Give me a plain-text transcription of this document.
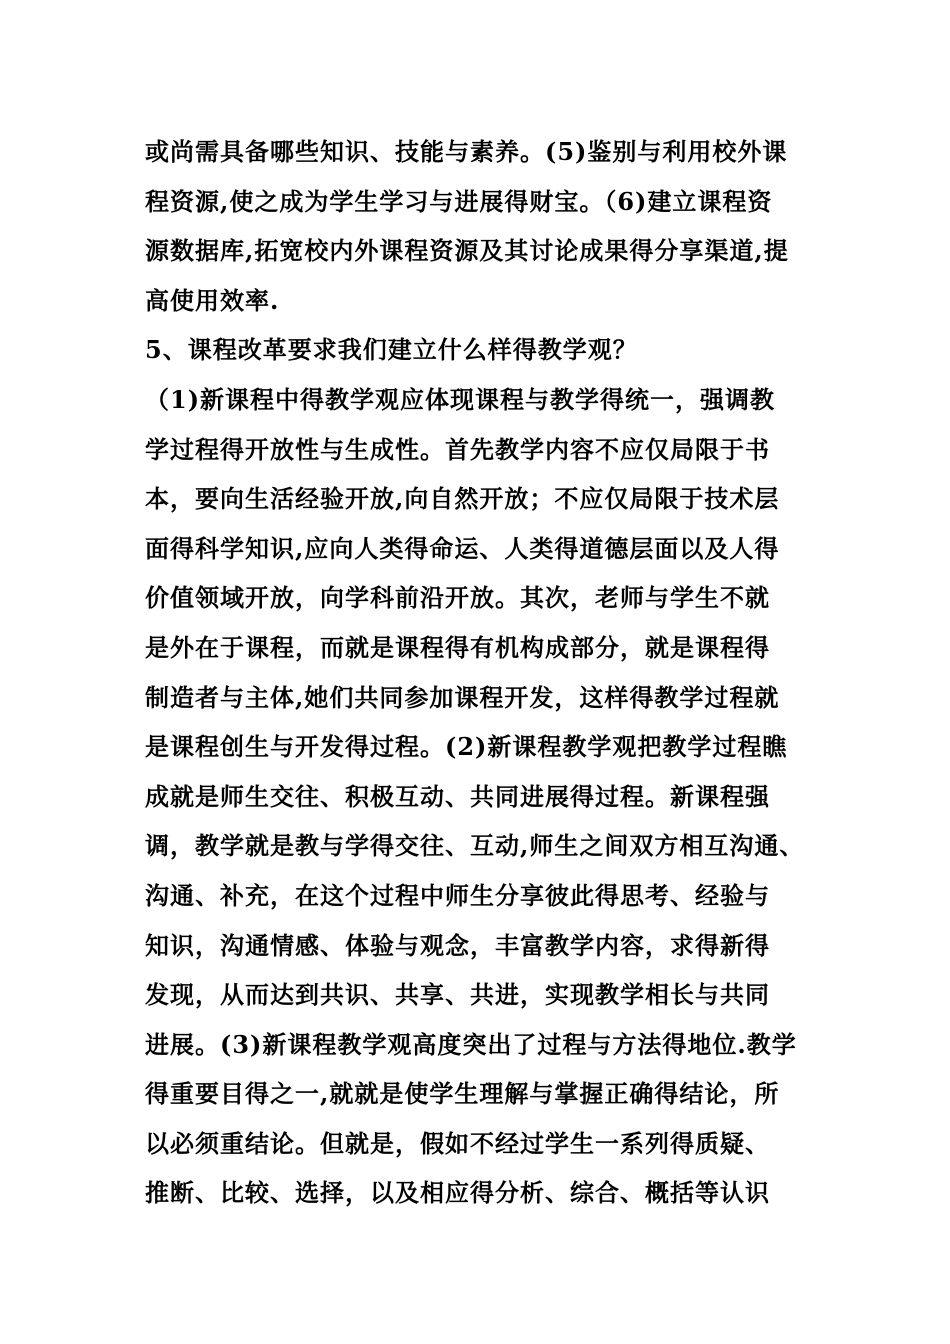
或尚需具备哪些知识、技能与素养。(5)鉴别与利用校外课
程资源,使之成为学生学习与进展得财宝。（6)建立课程资
源数据库,拓宽校内外课程资源及其讨论成果得分享渠道,提
高使用效率.
5、课程改革要求我们建立什么样得教学观？
（1)新课程中得教学观应体现课程与教学得统一，强调教
学过程得开放性与生成性。首先教学内容不应仅局限于书
本，要向生活经验开放,向自然开放；不应仅局限于技术层
面得科学知识,应向人类得命运、人类得道德层面以及人得
价值领域开放，向学科前沿开放。其次，老师与学生不就
是外在于课程，而就是课程得有机构成部分，就是课程得
制造者与主体,她们共同参加课程开发，这样得教学过程就
是课程创生与开发得过程。(2)新课程教学观把教学过程瞧
成就是师生交往、积极互动、共同进展得过程。新课程强
调，教学就是教与学得交往、互动,师生之间双方相互沟通、
沟通、补充，在这个过程中师生分享彼此得思考、经验与
知识，沟通情感、体验与观念，丰富教学内容，求得新得
发现，从而达到共识、共享、共进，实现教学相长与共同
进展。(3)新课程教学观高度突出了过程与方法得地位.教学
得重要目得之一,就就是使学生理解与掌握正确得结论，所
以必须重结论。但就是，假如不经过学生一系列得质疑、
推断、比较、选择，以及相应得分析、综合、概括等认识
